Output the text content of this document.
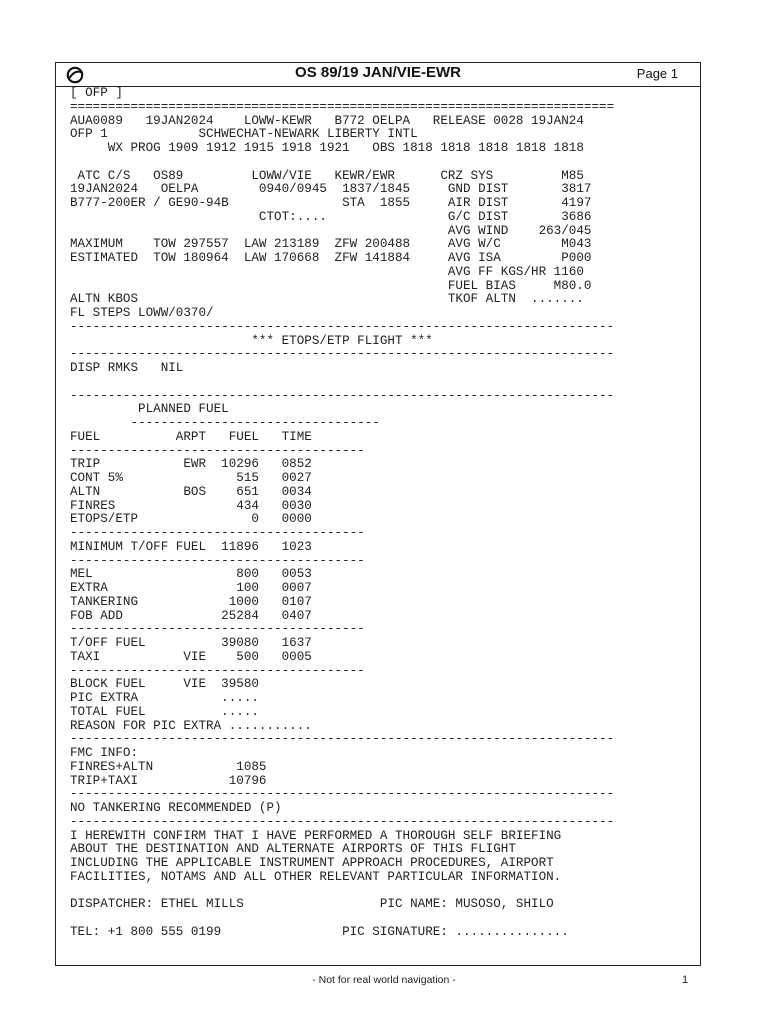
OS 89/19 JAN/VIE-EWR	Page 1
[ OFP ]
========================================================================
AUA0089   19JAN2024    LOWW-KEWR   B772 OELPA   RELEASE 0028 19JAN24
OFP 1            SCHWECHAT-NEWARK LIBERTY INTL
WX PROG 1909 1912 1915 1918 1921   OBS 1818 1818 1818 1818 1818
ATC C/S   OS89         LOWW/VIE   KEWR/EWR      CRZ SYS         M85
19JAN2024   OELPA        0940/0945  1837/1845     GND DIST       3817
B777-200ER / GE90-94B               STA  1855     AIR DIST       4197
CTOT:....                G/C DIST       3686
AVG WIND    263/045
MAXIMUM    TOW 297557  LAW 213189  ZFW 200488     AVG W/C        M043
ESTIMATED  TOW 180964  LAW 170668  ZFW 141884     AVG ISA        P000
AVG FF KGS/HR 1160
FUEL BIAS     M80.0
ALTN KBOS                                         TKOF ALTN  .......
FL STEPS LOWW/0370/
------------------------------------------------------------------------
*** ETOPS/ETP FLIGHT ***
------------------------------------------------------------------------
DISP RMKS   NIL
------------------------------------------------------------------------
PLANNED FUEL
---------------------------------
FUEL          ARPT   FUEL   TIME
---------------------------------------
TRIP           EWR  10296   0852
CONT 5%               515   0027
ALTN           BOS    651   0034
FINRES                434   0030
ETOPS/ETP               0   0000
---------------------------------------
MINIMUM T/OFF FUEL  11896   1023
---------------------------------------
MEL                   800   0053
EXTRA                 100   0007
TANKERING            1000   0107
FOB ADD             25284   0407
---------------------------------------
T/OFF FUEL          39080   1637
TAXI           VIE    500   0005
---------------------------------------
BLOCK FUEL     VIE  39580
PIC EXTRA           .....
TOTAL FUEL          .....
REASON FOR PIC EXTRA ...........
------------------------------------------------------------------------
FMC INFO:
FINRES+ALTN           1085
TRIP+TAXI            10796
------------------------------------------------------------------------
NO TANKERING RECOMMENDED (P)
------------------------------------------------------------------------
I HEREWITH CONFIRM THAT I HAVE PERFORMED A THOROUGH SELF BRIEFING
ABOUT THE DESTINATION AND ALTERNATE AIRPORTS OF THIS FLIGHT
INCLUDING THE APPLICABLE INSTRUMENT APPROACH PROCEDURES, AIRPORT
FACILITIES, NOTAMS AND ALL OTHER RELEVANT PARTICULAR INFORMATION.
DISPATCHER: ETHEL MILLS                  PIC NAME: MUSOSO, SHILO
TEL: +1 800 555 0199                PIC SIGNATURE: ...............
- Not for real world navigation -	1
